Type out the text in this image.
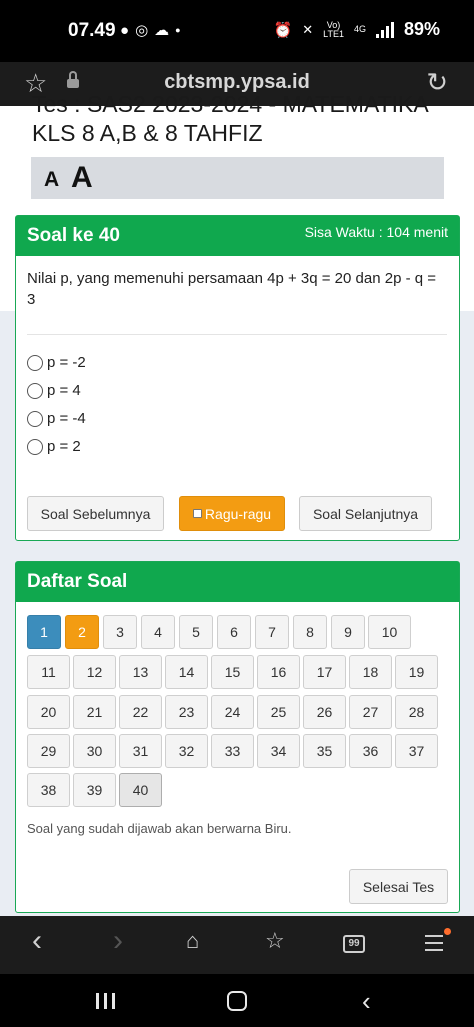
07.49 ● ◎ ☁ ●	⏰ ✕	Vo)
LTE1 4G 89%
☆	cbtsmp.ypsa.id	↻
Tes : SAS2 2023-2024 - MATEMATIKA KLS 8 A,B & 8 TAHFIZ
A A
Soal ke 40	Sisa Waktu : 104 menit
Nilai p, yang memenuhi persamaan 4p + 3q = 20 dan 2p - q = 3
p = -2
p = 4
p = -4
p = 2
Soal Sebelumnya	Ragu-ragu	Soal Selanjutnya
Daftar Soal
1	2	3	4	5	6	7	8	9	10
11	12	13	14	15	16	17	18	19
20	21	22	23	24	25	26	27	28
29	30	31	32	33	34	35	36	37
38	39	40
Soal yang sudah dijawab akan berwarna Biru.
Selesai Tes
‹ ›	⌂	☆	99
‹
